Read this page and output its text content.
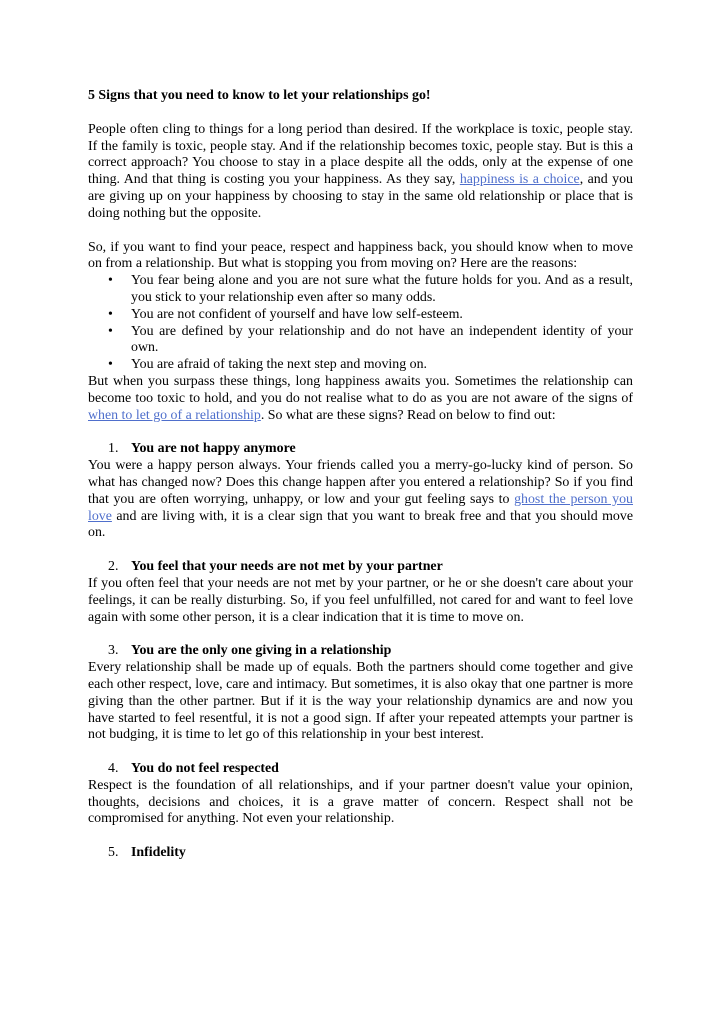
5 Signs that you need to know to let your relationships go!

People often cling to things for a long period than desired. If the workplace is toxic, people stay. If the family is toxic, people stay. And if the relationship becomes toxic, people stay. But is this a correct approach? You choose to stay in a place despite all the odds, only at the expense of one thing. And that thing is costing you your happiness. As they say, happiness is a choice, and you are giving up on your happiness by choosing to stay in the same old relationship or place that is doing nothing but the opposite.

So, if you want to find your peace, respect and happiness back, you should know when to move on from a relationship. But what is stopping you from moving on? Here are the reasons:

• You fear being alone and you are not sure what the future holds for you. And as a result, you stick to your relationship even after so many odds.
• You are not confident of yourself and have low self-esteem.
• You are defined by your relationship and do not have an independent identity of your own.
• You are afraid of taking the next step and moving on.

But when you surpass these things, long happiness awaits you. Sometimes the relationship can become too toxic to hold, and you do not realise what to do as you are not aware of the signs of when to let go of a relationship. So what are these signs? Read on below to find out:

1. You are not happy anymore

You were a happy person always. Your friends called you a merry-go-lucky kind of person. So what has changed now? Does this change happen after you entered a relationship? So if you find that you are often worrying, unhappy, or low and your gut feeling says to ghost the person you love and are living with, it is a clear sign that you want to break free and that you should move on.

2. You feel that your needs are not met by your partner

If you often feel that your needs are not met by your partner, or he or she doesn't care about your feelings, it can be really disturbing. So, if you feel unfulfilled, not cared for and want to feel love again with some other person, it is a clear indication that it is time to move on.

3. You are the only one giving in a relationship

Every relationship shall be made up of equals. Both the partners should come together and give each other respect, love, care and intimacy. But sometimes, it is also okay that one partner is more giving than the other partner. But if it is the way your relationship dynamics are and now you have started to feel resentful, it is not a good sign. If after your repeated attempts your partner is not budging, it is time to let go of this relationship in your best interest.

4. You do not feel respected

Respect is the foundation of all relationships, and if your partner doesn't value your opinion, thoughts, decisions and choices, it is a grave matter of concern. Respect shall not be compromised for anything. Not even your relationship.

5. Infidelity
